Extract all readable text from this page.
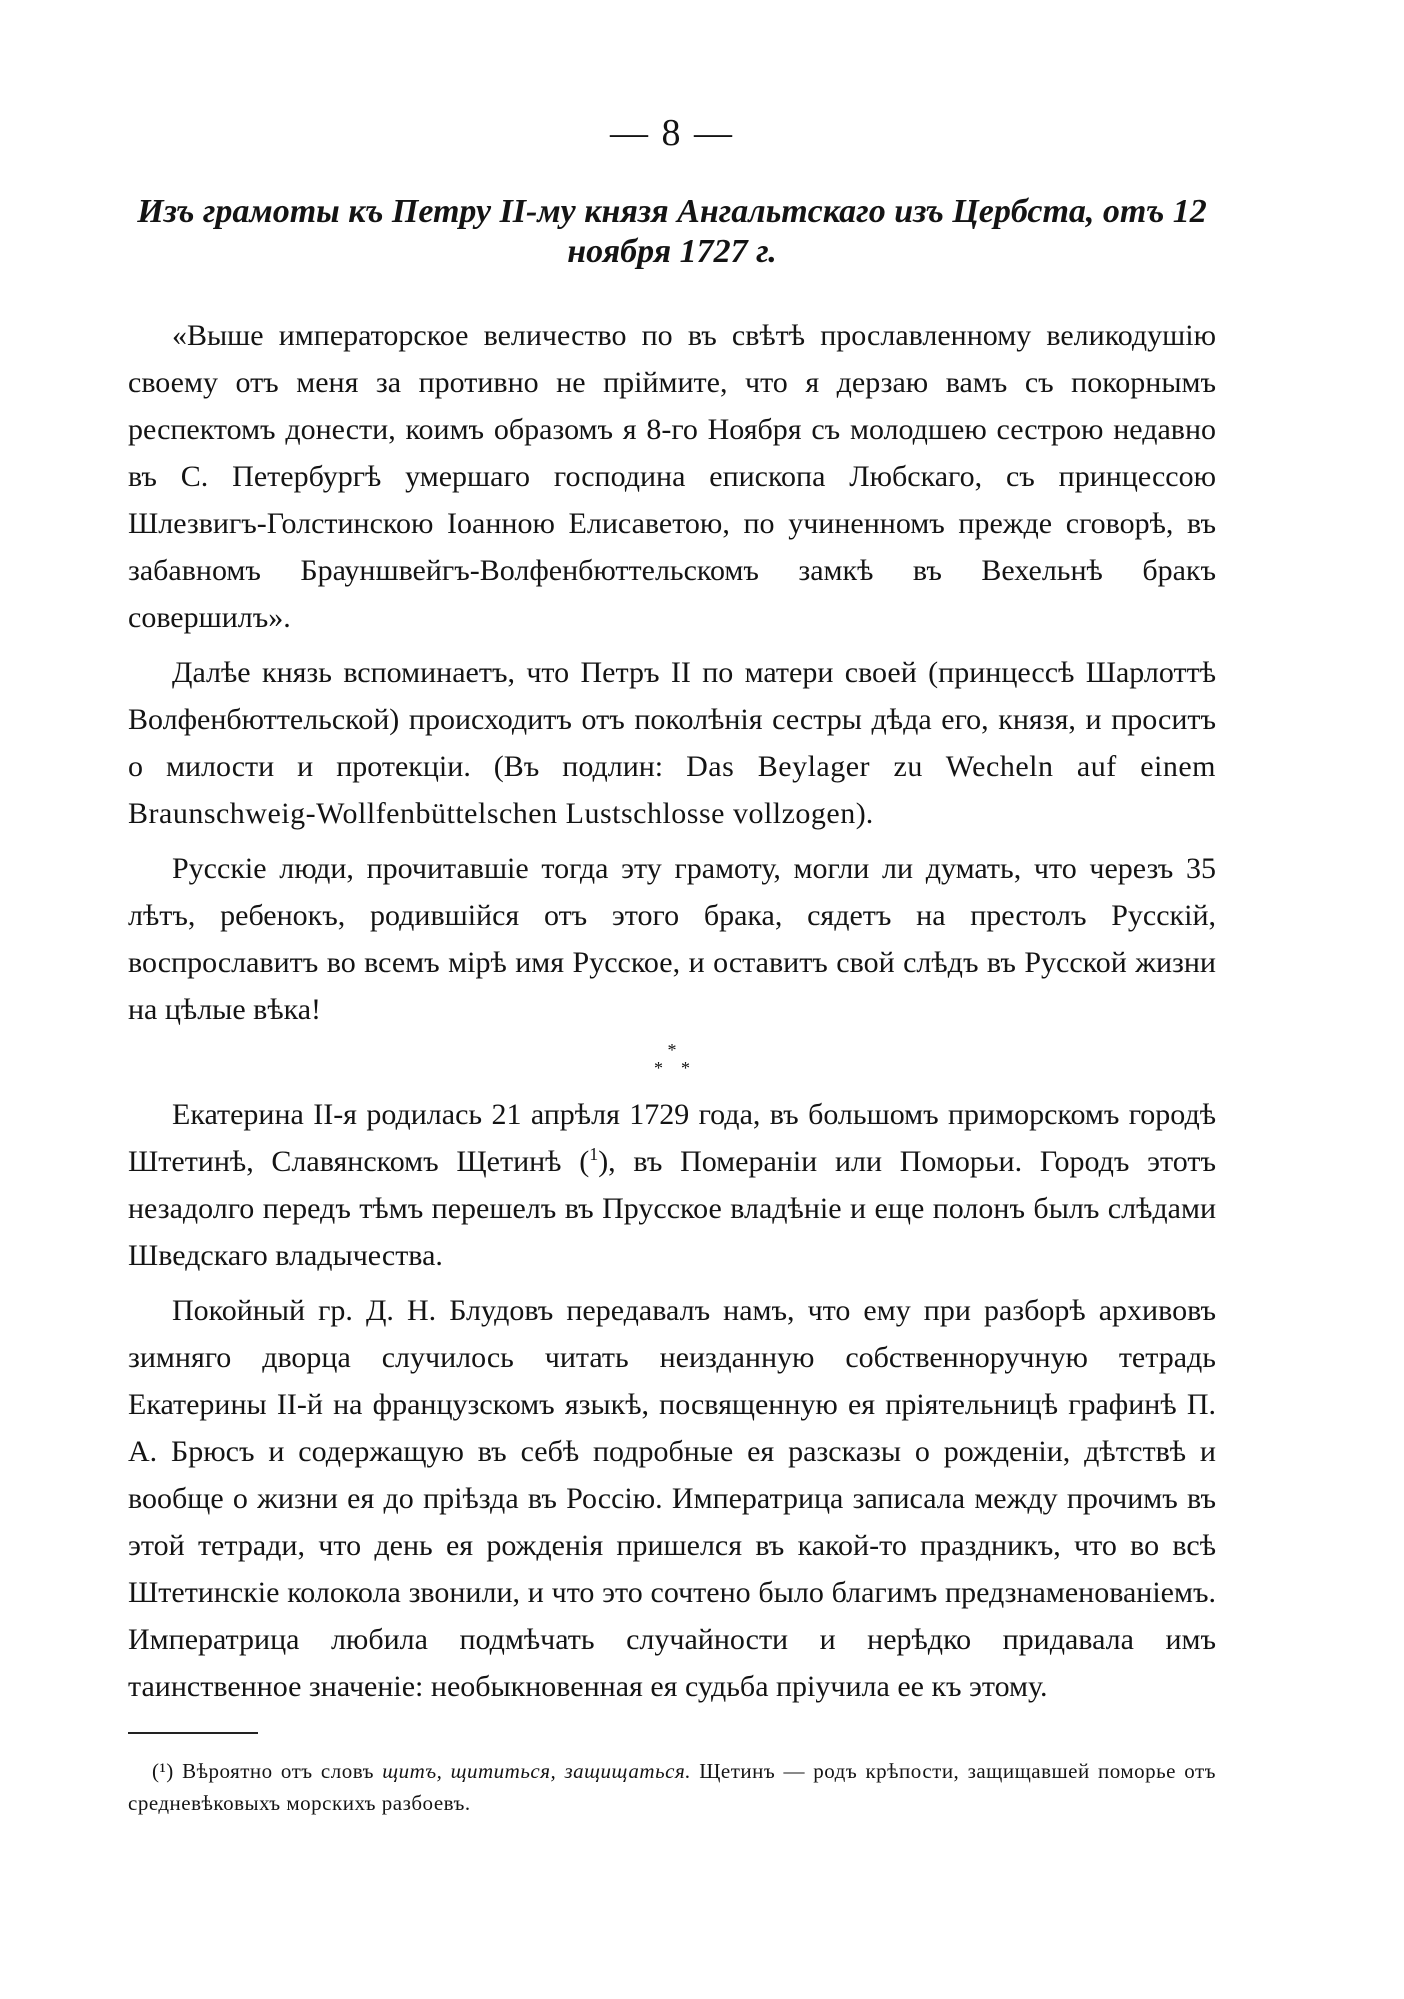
— 8 —
Изъ грамоты къ Петру II-му князя Ангальтскаго изъ Цербста, отъ 12 ноября 1727 г.

«Выше императорское величество по въ свѣтѣ прославленному великодушію своему отъ меня за противно не пріймите, что я дерзаю вамъ съ покорнымъ респектомъ донести, коимъ образомъ я 8-го Ноября съ молодшею сестрою недавно въ С. Петербургѣ умершаго господина епископа Любскаго, съ принцессою Шлезвигъ-Голстинскою Іоанною Елисаветою, по учиненномъ прежде сговорѣ, въ забавномъ Брауншвейгъ-Волфенбюттельскомъ замкѣ въ Вехельнѣ бракъ совершилъ».

Далѣе князь вспоминаетъ, что Петръ II по матери своей (принцессѣ Шарлоттѣ Волфенбюттельской) происходитъ отъ поколѣнія сестры дѣда его, князя, и проситъ о милости и протекціи. (Въ подлин: Das Beylager zu Wecheln auf einem Braunschweig-Wollfenbüttelschen Lustschlosse vollzogen).

Русскіе люди, прочитавшіе тогда эту грамоту, могли ли думать, что черезъ 35 лѣтъ, ребенокъ, родившійся отъ этого брака, сядетъ на престолъ Русскій, воспрославитъ во всемъ мірѣ имя Русское, и оставитъ свой слѣдъ въ Русской жизни на цѣлые вѣка!

*
**

Екатерина II-я родилась 21 апрѣля 1729 года, въ большомъ приморскомъ городѣ Штетинѣ, Славянскомъ Щетинѣ ($^1$), въ Помераніи или Поморьи. Городъ этотъ незадолго передъ тѣмъ перешелъ въ Прусское владѣніе и еще полонъ былъ слѣдами Шведскаго владычества.

Покойный гр. Д. Н. Блудовъ передавалъ намъ, что ему при разборѣ архивовъ зимняго дворца случилось читать неизданную собственноручную тетрадь Екатерины II-й на французскомъ языкѣ, посвященную ея пріятельницѣ графинѣ П. А. Брюсъ и содержащую въ себѣ подробные ея разсказы о рожденіи, дѣтствѣ и вообще о жизни ея до пріѣзда въ Россію. Императрица записала между прочимъ въ этой тетради, что день ея рожденія пришелся въ какой-то праздникъ, что во всѣ Штетинскіе колокола звонили, и что это сочтено было благимъ предзнаменованіемъ. Императрица любила подмѣчать случайности и нерѣдко придавала имъ таинственное значеніе: необыкновенная ея судьба пріучила ее къ этому.

(¹) Вѣроятно отъ словъ щитъ, щититься, защищаться. Щетинъ — родъ крѣпости, защищавшей поморье отъ средневѣковыхъ морскихъ разбоевъ.
